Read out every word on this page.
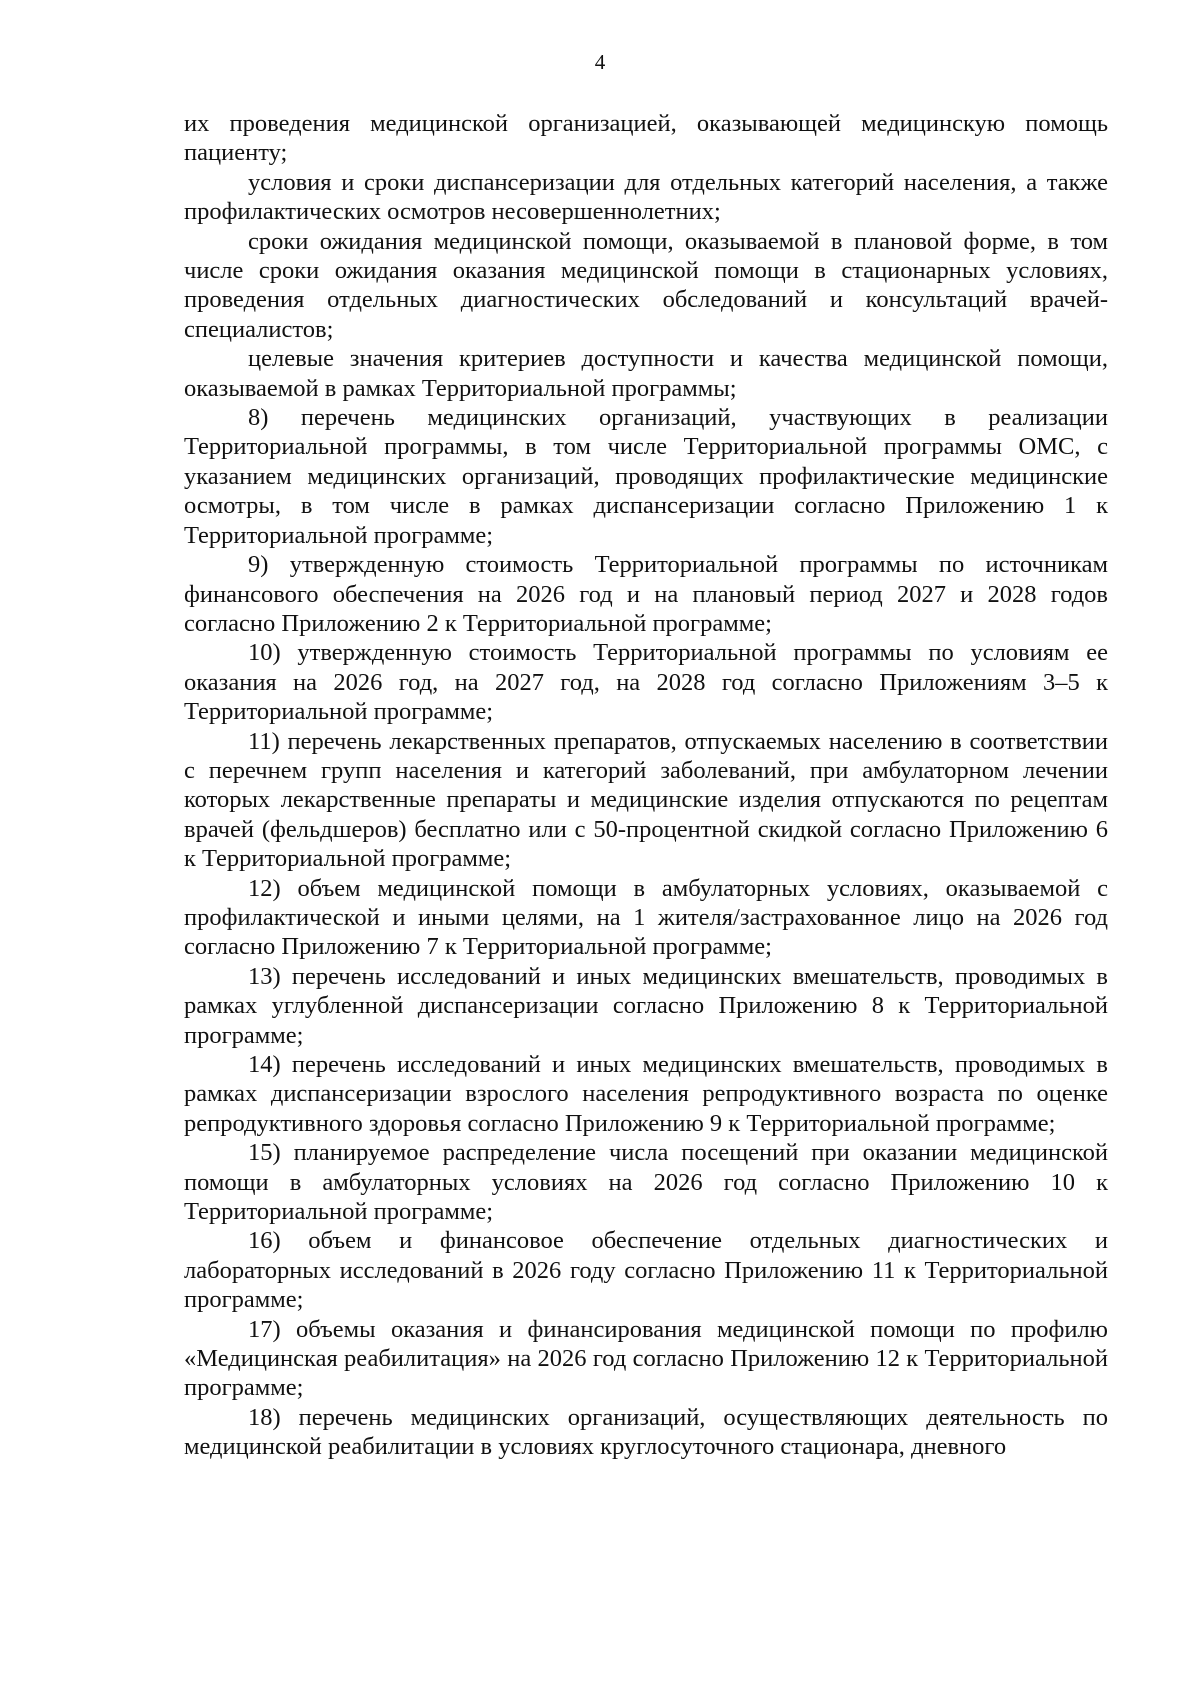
4

их проведения медицинской организацией, оказывающей медицинскую помощь пациенту;

условия и сроки диспансеризации для отдельных категорий населения, а также профилактических осмотров несовершеннолетних;

сроки ожидания медицинской помощи, оказываемой в плановой форме, в том числе сроки ожидания оказания медицинской помощи в стационарных условиях, проведения отдельных диагностических обследований и консультаций врачей-специалистов;

целевые значения критериев доступности и качества медицинской помощи, оказываемой в рамках Территориальной программы;

8) перечень медицинских организаций, участвующих в реализации Территориальной программы, в том числе Территориальной программы ОМС, с указанием медицинских организаций, проводящих профилактические медицинские осмотры, в том числе в рамках диспансеризации согласно Приложению 1 к Территориальной программе;

9) утвержденную стоимость Территориальной программы по источникам финансового обеспечения на 2026 год и на плановый период 2027 и 2028 годов согласно Приложению 2 к Территориальной программе;

10) утвержденную стоимость Территориальной программы по условиям ее оказания на 2026 год, на 2027 год, на 2028 год согласно Приложениям 3–5 к Территориальной программе;

11) перечень лекарственных препаратов, отпускаемых населению в соответствии с перечнем групп населения и категорий заболеваний, при амбулаторном лечении которых лекарственные препараты и медицинские изделия отпускаются по рецептам врачей (фельдшеров) бесплатно или с 50-процентной скидкой согласно Приложению 6 к Территориальной программе;

12) объем медицинской помощи в амбулаторных условиях, оказываемой с профилактической и иными целями, на 1 жителя/застрахованное лицо на 2026 год согласно Приложению 7 к Территориальной программе;

13) перечень исследований и иных медицинских вмешательств, проводимых в рамках углубленной диспансеризации согласно Приложению 8 к Территориальной программе;

14) перечень исследований и иных медицинских вмешательств, проводимых в рамках диспансеризации взрослого населения репродуктивного возраста по оценке репродуктивного здоровья согласно Приложению 9 к Территориальной программе;

15) планируемое распределение числа посещений при оказании медицинской помощи в амбулаторных условиях на 2026 год согласно Приложению 10 к Территориальной программе;

16) объем и финансовое обеспечение отдельных диагностических и лабораторных исследований в 2026 году согласно Приложению 11 к Территориальной программе;

17) объемы оказания и финансирования медицинской помощи по профилю «Медицинская реабилитация» на 2026 год согласно Приложению 12 к Территориальной программе;

18) перечень медицинских организаций, осуществляющих деятельность по медицинской реабилитации в условиях круглосуточного стационара, дневного
